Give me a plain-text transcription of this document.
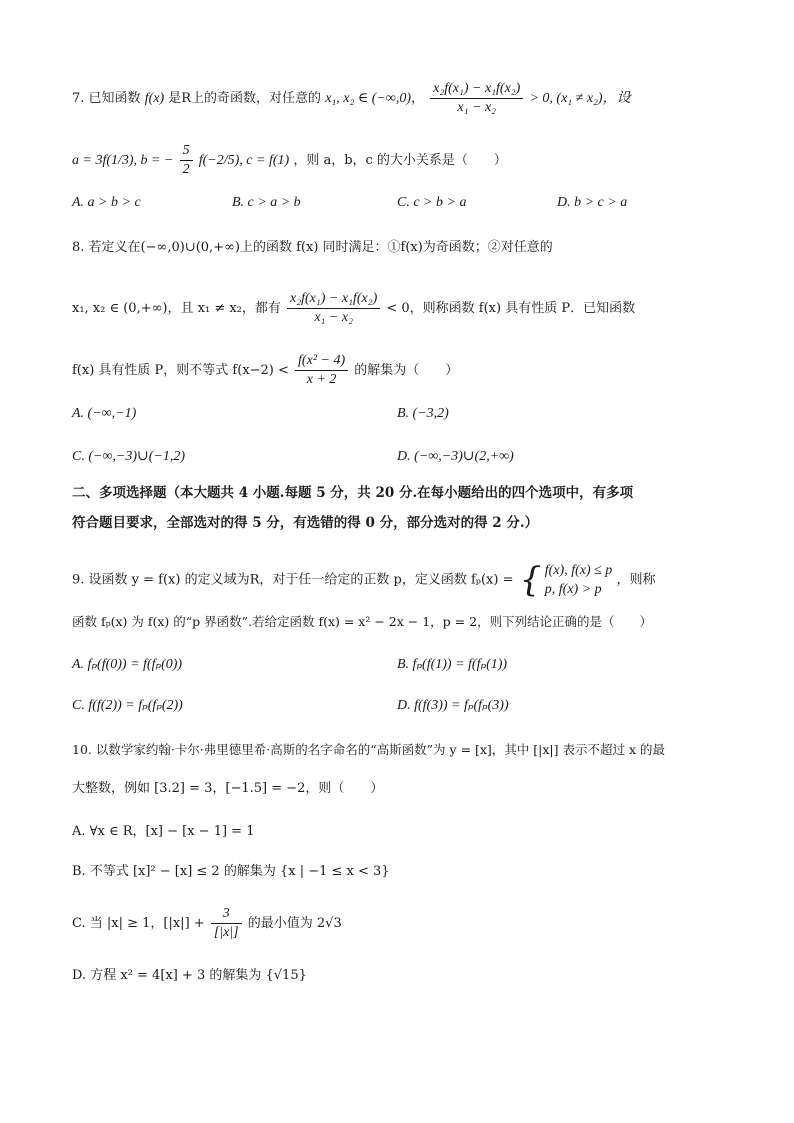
7. 已知函数 f(x) 是R上的奇函数，对任意的 x₁, x₂ ∈ (−∞,0)， $\frac{\text{x₂f(x₁) − x₁f(x₂)}}{\text{x₁ − x₂}} > 0$, (x₁ ≠ x₂)，设
a = 3f(1/3), b = − $\frac{5}{2} f(-2/5)$, c = f(1) ，则 a，b，c 的大小关系是（　　）
A. a > b > c	B. c > a > b	C. c > b > a	D. b > c > a
8. 若定义在(−∞,0)∪(0,+∞)上的函数 f(x) 同时满足：①f(x)为奇函数；②对任意的
x₁, x₂ ∈ (0,+∞)，且 x₁ ≠ x₂，都有 $\frac{\text{x₂f(x₁) − x₁f(x₂)}}{\text{x₁ − x₂}} < 0$，则称函数 f(x) 具有性质 P．已知函数
f(x) 具有性质 P，则不等式 $f(x-2) < \frac{\text{f(x² − 4)}}{x + 2}$ 的解集为（　　）
A. (−∞,−1)	B. (−3,2)
C. (−∞,−3)∪(−1,2)	D. (−∞,−3)∪(2,+∞)
二、多项选择题（本大题共 4 小题.每题 5 分，共 20 分.在每小题给出的四个选项中，有多项
符合题目要求，全部选对的得 5 分，有选错的得 0 分，部分选对的得 2 分.）
9. 设函数 y = f(x) 的定义域为R，对于任一给定的正数 p，定义函数 fₚ(x) = { f(x), f(x) ≤ p
p, f(x) > p
，则称
函数 fₚ(x) 为 f(x) 的“p 界函数”.若给定函数 f(x) = x² − 2x − 1，p = 2，则下列结论正确的是（　　）
A. fₚ(f(0)) = f(fₚ(0))	B. fₚ(f(1)) = f(fₚ(1))
C. f(f(2)) = fₚ(fₚ(2))	D. f(f(3)) = fₚ(fₚ(3))
10. 以数学家约翰·卡尔·弗里德里希·高斯的名字命名的“高斯函数”为 y = [x]，其中 [|x|] 表示不超过 x 的最
大整数，例如 [3.2] = 3，[−1.5] = −2，则（　　）
A. ∀x ∈ R，[x] − [x − 1] = 1
B. 不等式 [x]² − [x] ≤ 2 的解集为 {x | −1 ≤ x < 3}
C. 当 |x| ≥ 1，$[|x|] + \frac{3}{[|x|]}$ 的最小值为 2√3
D. 方程 x² = 4[x] + 3 的解集为 {√15}
